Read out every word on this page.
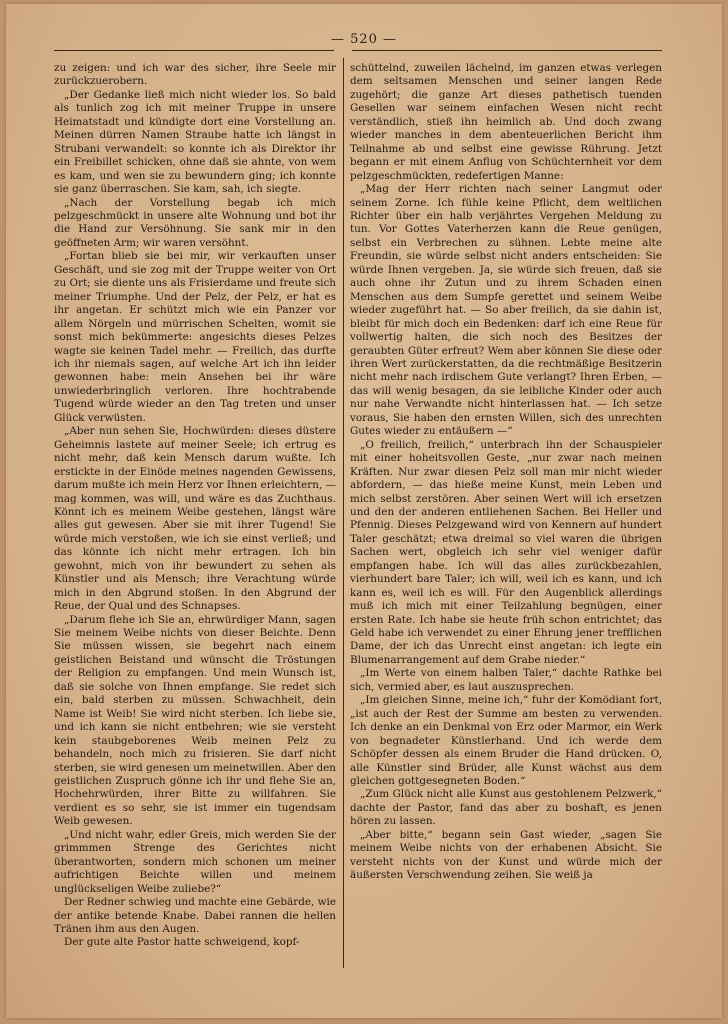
— 520 —

zu zeigen: und ich war des sicher, ihre Seele mir zurückzuerobern.

„Der Gedanke ließ mich nicht wieder los. So bald als tunlich zog ich mit meiner Truppe in unsere Heimatstadt und kündigte dort eine Vorstellung an. Meinen dürren Namen Straube hatte ich längst in Strubani verwandelt: so konnte ich als Direktor ihr ein Freibillet schicken, ohne daß sie ahnte, von wem es kam, und wen sie zu bewundern ging; ich konnte sie ganz überraschen. Sie kam, sah, ich siegte.

„Nach der Vorstellung begab ich mich pelzgeschmückt in unsere alte Wohnung und bot ihr die Hand zur Versöhnung. Sie sank mir in den geöffneten Arm; wir waren versöhnt.

„Fortan blieb sie bei mir, wir verkauften unser Geschäft, und sie zog mit der Truppe weiter von Ort zu Ort; sie diente uns als Frisierdame und freute sich meiner Triumphe. Und der Pelz, der Pelz, er hat es ihr angetan. Er schützt mich wie ein Panzer vor allem Nörgeln und mürrischen Schelten, womit sie sonst mich bekümmerte: angesichts dieses Pelzes wagte sie keinen Tadel mehr. — Freilich, das durfte ich ihr niemals sagen, auf welche Art ich ihn leider gewonnen habe: mein Ansehen bei ihr wäre unwiederbringlich verloren. Ihre hochtrabende Tugend würde wieder an den Tag treten und unser Glück verwüsten.

„Aber nun sehen Sie, Hochwürden: dieses düstere Geheimnis lastete auf meiner Seele; ich ertrug es nicht mehr, daß kein Mensch darum wußte. Ich erstickte in der Einöde meines nagenden Gewissens, darum mußte ich mein Herz vor Ihnen erleichtern, — mag kommen, was will, und wäre es das Zuchthaus. Könnt ich es meinem Weibe gestehen, längst wäre alles gut gewesen. Aber sie mit ihrer Tugend! Sie würde mich verstoßen, wie ich sie einst verließ; und das könnte ich nicht mehr ertragen. Ich bin gewohnt, mich von ihr bewundert zu sehen als Künstler und als Mensch; ihre Verachtung würde mich in den Abgrund stoßen. In den Abgrund der Reue, der Qual und des Schnapses.

„Darum flehe ich Sie an, ehrwürdiger Mann, sagen Sie meinem Weibe nichts von dieser Beichte. Denn Sie müssen wissen, sie begehrt nach einem geistlichen Beistand und wünscht die Tröstungen der Religion zu empfangen. Und mein Wunsch ist, daß sie solche von Ihnen empfange. Sie redet sich ein, bald sterben zu müssen. Schwachheit, dein Name ist Weib! Sie wird nicht sterben. Ich liebe sie, und ich kann sie nicht entbehren; wie sie versteht kein staubgeborenes Weib meinen Pelz zu behandeln, noch mich zu frisieren. Sie darf nicht sterben, sie wird genesen um meinetwillen. Aber den geistlichen Zuspruch gönne ich ihr und flehe Sie an, Hochehrwürden, ihrer Bitte zu willfahren. Sie verdient es so sehr, sie ist immer ein tugendsam Weib gewesen.

„Und nicht wahr, edler Greis, mich werden Sie der grimmmen Strenge des Gerichtes nicht überantworten, sondern mich schonen um meiner aufrichtigen Beichte willen und meinem unglückseligen Weibe zuliebe?“

Der Redner schwieg und machte eine Gebärde, wie der antike betende Knabe. Dabei rannen die hellen Tränen ihm aus den Augen.

Der gute alte Pastor hatte schweigend, kopf-

schüttelnd, zuweilen lächelnd, im ganzen etwas verlegen dem seltsamen Menschen und seiner langen Rede zugehört; die ganze Art dieses pathetisch tuenden Gesellen war seinem einfachen Wesen nicht recht verständlich, stieß ihn heimlich ab. Und doch zwang wieder manches in dem abenteuerlichen Bericht ihm Teilnahme ab und selbst eine gewisse Rührung. Jetzt begann er mit einem Anflug von Schüchternheit vor dem pelzgeschmückten, redefertigen Manne:

„Mag der Herr richten nach seiner Langmut oder seinem Zorne. Ich fühle keine Pflicht, dem weltlichen Richter über ein halb verjährtes Vergehen Meldung zu tun. Vor Gottes Vaterherzen kann die Reue genügen, selbst ein Verbrechen zu sühnen. Lebte meine alte Freundin, sie würde selbst nicht anders entscheiden: Sie würde Ihnen vergeben. Ja, sie würde sich freuen, daß sie auch ohne ihr Zutun und zu ihrem Schaden einen Menschen aus dem Sumpfe gerettet und seinem Weibe wieder zugeführt hat. — So aber freilich, da sie dahin ist, bleibt für mich doch ein Bedenken: darf ich eine Reue für vollwertig halten, die sich noch des Besitzes der geraubten Güter erfreut? Wem aber können Sie diese oder ihren Wert zurückerstatten, da die rechtmäßige Besitzerin nicht mehr nach irdischem Gute verlangt? Ihren Erben, — das will wenig besagen, da sie leibliche Kinder oder auch nur nahe Verwandte nicht hinterlassen hat. — Ich setze voraus, Sie haben den ernsten Willen, sich des unrechten Gutes wieder zu entäußern —“

„O freilich, freilich,“ unterbrach ihn der Schauspieler mit einer hoheitsvollen Geste, „nur zwar nach meinen Kräften. Nur zwar diesen Pelz soll man mir nicht wieder abfordern, — das hieße meine Kunst, mein Leben und mich selbst zerstören. Aber seinen Wert will ich ersetzen und den der anderen entliehenen Sachen. Bei Heller und Pfennig. Dieses Pelzgewand wird von Kennern auf hundert Taler geschätzt; etwa dreimal so viel waren die übrigen Sachen wert, obgleich ich sehr viel weniger dafür empfangen habe. Ich will das alles zurückbezahlen, vierhundert bare Taler; ich will, weil ich es kann, und ich kann es, weil ich es will. Für den Augenblick allerdings muß ich mich mit einer Teilzahlung begnügen, einer ersten Rate. Ich habe sie heute früh schon entrichtet; das Geld habe ich verwendet zu einer Ehrung jener trefflichen Dame, der ich das Unrecht einst angetan: ich legte ein Blumenarrangement auf dem Grabe nieder.“

„Im Werte von einem halben Taler,“ dachte Rathke bei sich, vermied aber, es laut auszusprechen.

„Im gleichen Sinne, meine ich,“ fuhr der Komödiant fort, „ist auch der Rest der Summe am besten zu verwenden. Ich denke an ein Denkmal von Erz oder Marmor, ein Werk von begnadeter Künstlerhand. Und ich werde dem Schöpfer dessen als einem Bruder die Hand drücken. O, alle Künstler sind Brüder, alle Kunst wächst aus dem gleichen gottgesegneten Boden.“

„Zum Glück nicht alle Kunst aus gestohlenem Pelzwerk,“ dachte der Pastor, fand das aber zu boshaft, es jenen hören zu lassen.

„Aber bitte,“ begann sein Gast wieder, „sagen Sie meinem Weibe nichts von der erhabenen Absicht. Sie versteht nichts von der Kunst und würde mich der äußersten Verschwendung zeihen. Sie weiß ja
